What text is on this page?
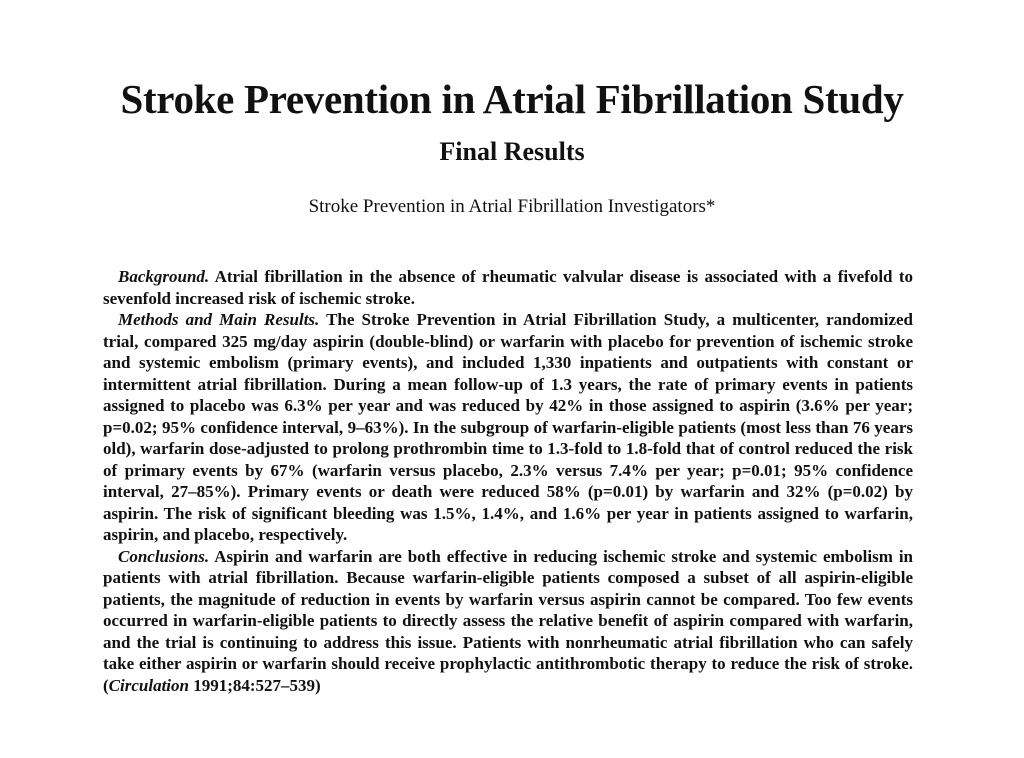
Stroke Prevention in Atrial Fibrillation Study
Final Results
Stroke Prevention in Atrial Fibrillation Investigators*

Background. Atrial fibrillation in the absence of rheumatic valvular disease is associated with a fivefold to sevenfold increased risk of ischemic stroke.

Methods and Main Results. The Stroke Prevention in Atrial Fibrillation Study, a multicenter, randomized trial, compared 325 mg/day aspirin (double-blind) or warfarin with placebo for prevention of ischemic stroke and systemic embolism (primary events), and included 1,330 inpatients and outpatients with constant or intermittent atrial fibrillation. During a mean follow-up of 1.3 years, the rate of primary events in patients assigned to placebo was 6.3% per year and was reduced by 42% in those assigned to aspirin (3.6% per year; p=0.02; 95% confidence interval, 9–63%). In the subgroup of warfarin-eligible patients (most less than 76 years old), warfarin dose-adjusted to prolong prothrombin time to 1.3-fold to 1.8-fold that of control reduced the risk of primary events by 67% (warfarin versus placebo, 2.3% versus 7.4% per year; p=0.01; 95% confidence interval, 27–85%). Primary events or death were reduced 58% (p=0.01) by warfarin and 32% (p=0.02) by aspirin. The risk of significant bleeding was 1.5%, 1.4%, and 1.6% per year in patients assigned to warfarin, aspirin, and placebo, respectively.

Conclusions. Aspirin and warfarin are both effective in reducing ischemic stroke and systemic embolism in patients with atrial fibrillation. Because warfarin-eligible patients composed a subset of all aspirin-eligible patients, the magnitude of reduction in events by warfarin versus aspirin cannot be compared. Too few events occurred in warfarin-eligible patients to directly assess the relative benefit of aspirin compared with warfarin, and the trial is continuing to address this issue. Patients with nonrheumatic atrial fibrillation who can safely take either aspirin or warfarin should receive prophylactic antithrombotic therapy to reduce the risk of stroke. (Circulation 1991;84:527–539)
